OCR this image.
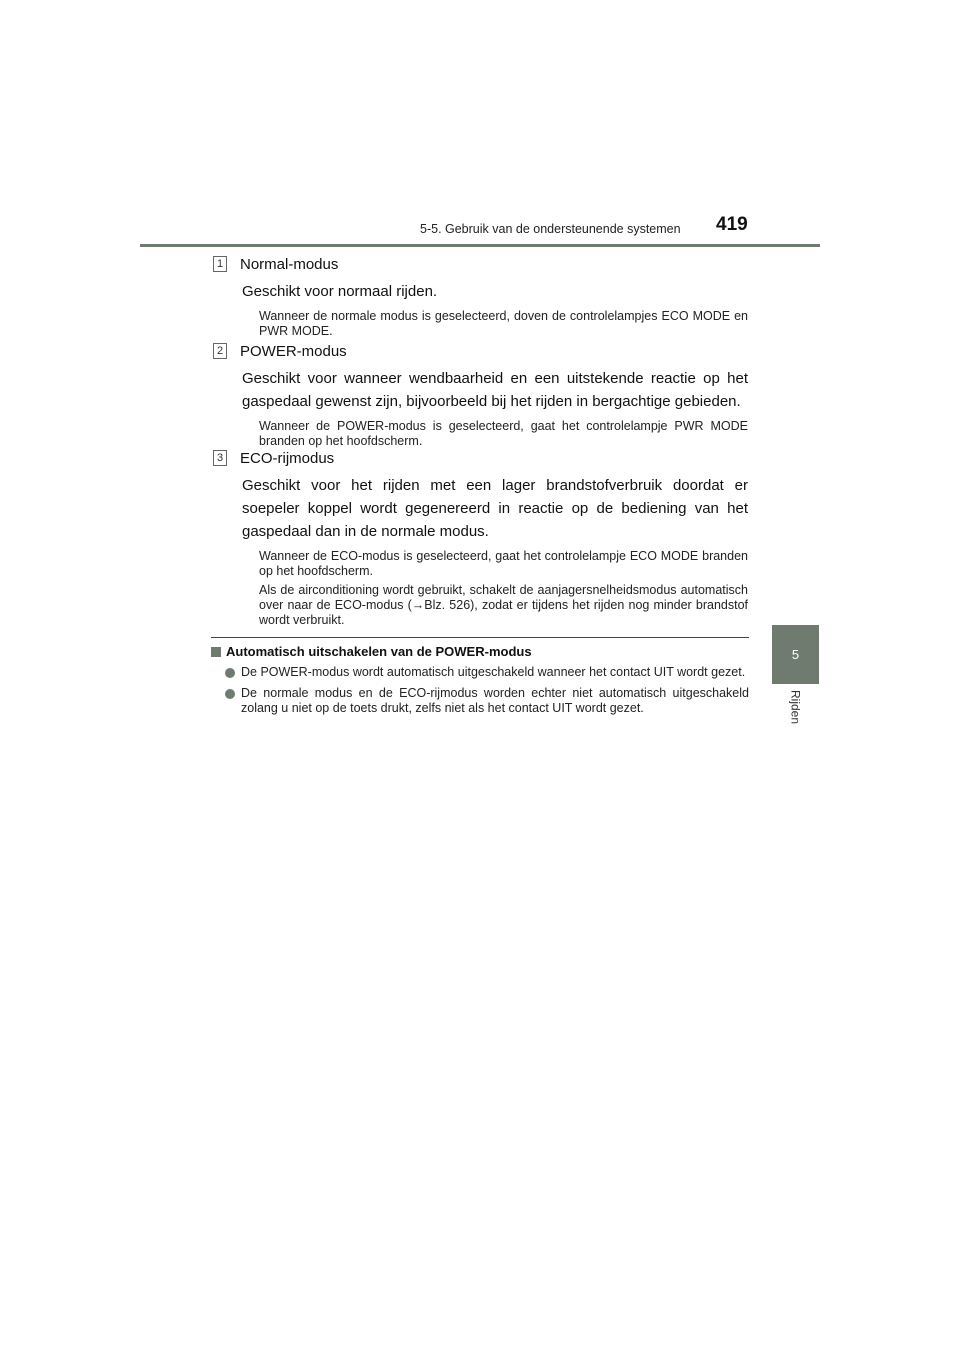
5-5. Gebruik van de ondersteunende systemen	419
5
Rijden
1 Normal-modus
Geschikt voor normaal rijden.
Wanneer de normale modus is geselecteerd, doven de controlelampjes ECO MODE en PWR MODE.
2 POWER-modus
Geschikt voor wanneer wendbaarheid en een uitstekende reactie op het gaspedaal gewenst zijn, bijvoorbeeld bij het rijden in bergachtige gebieden.
Wanneer de POWER-modus is geselecteerd, gaat het controlelampje PWR MODE branden op het hoofdscherm.
3 ECO-rijmodus
Geschikt voor het rijden met een lager brandstofverbruik doordat er soepeler koppel wordt gegenereerd in reactie op de bediening van het gaspedaal dan in de normale modus.
Wanneer de ECO-modus is geselecteerd, gaat het controlelampje ECO MODE branden op het hoofdscherm.
Als de airconditioning wordt gebruikt, schakelt de aanjagersnelheidsmodus automatisch over naar de ECO-modus (→Blz. 526), zodat er tijdens het rijden nog minder brandstof wordt verbruikt.
Automatisch uitschakelen van de POWER-modus
De POWER-modus wordt automatisch uitgeschakeld wanneer het contact UIT wordt gezet.
De normale modus en de ECO-rijmodus worden echter niet automatisch uitgeschakeld zolang u niet op de toets drukt, zelfs niet als het contact UIT wordt gezet.
